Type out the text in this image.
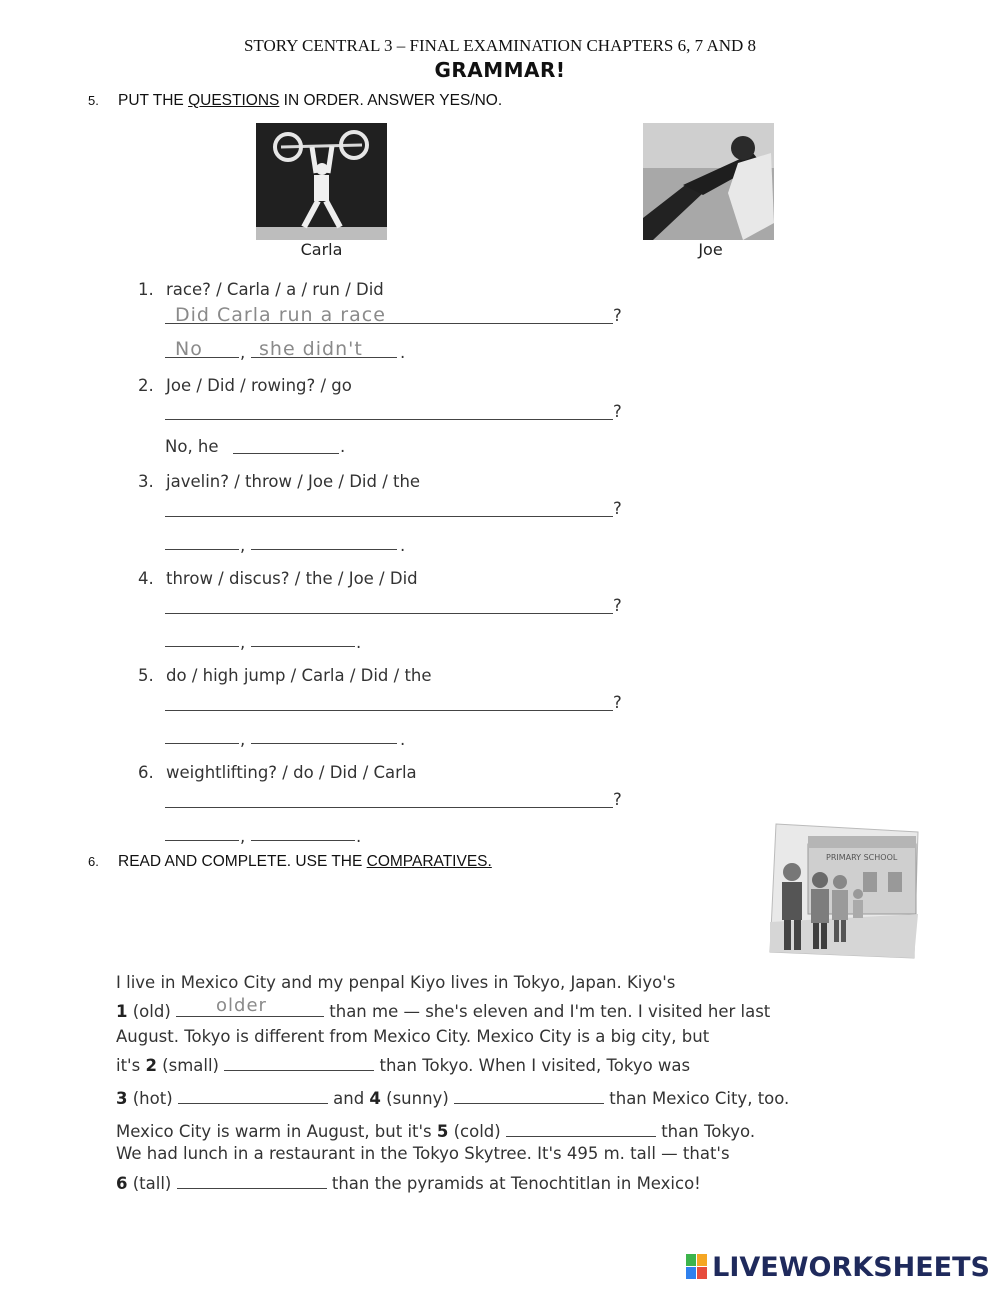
STORY CENTRAL 3 – FINAL EXAMINATION CHAPTERS 6, 7 AND 8
GRAMMAR!
5. PUT THE QUESTIONS IN ORDER. ANSWER YES/NO.
Carla	Joe
1. race? / Carla / a / run / Did
Did Carla run a race	?
No , she didn't .
2. Joe / Did / rowing? / go
?
No, he	.
3. javelin? / throw / Joe / Did / the
?
,	.
4. throw / discus? / the / Joe / Did
?
,	.
5. do / high jump / Carla / Did / the
?
,	.
6. weightlifting? / do / Did / Carla
?
,	.
6. READ AND COMPLETE. USE THE COMPARATIVES.	PRIMARY SCHOOL
I live in Mexico City and my penpal Kiyo lives in Tokyo, Japan. Kiyo's
1 (old) older	than me — she's eleven and I'm ten. I visited her last
August. Tokyo is different from Mexico City. Mexico City is a big city, but
it's 2 (small)	than Tokyo. When I visited, Tokyo was
3 (hot)	and 4 (sunny)	than Mexico City, too.
Mexico City is warm in August, but it's 5 (cold)	than Tokyo.
We had lunch in a restaurant in the Tokyo Skytree. It's 495 m. tall — that's
6 (tall)	than the pyramids at Tenochtitlan in Mexico!
LIVEWORKSHEETS
